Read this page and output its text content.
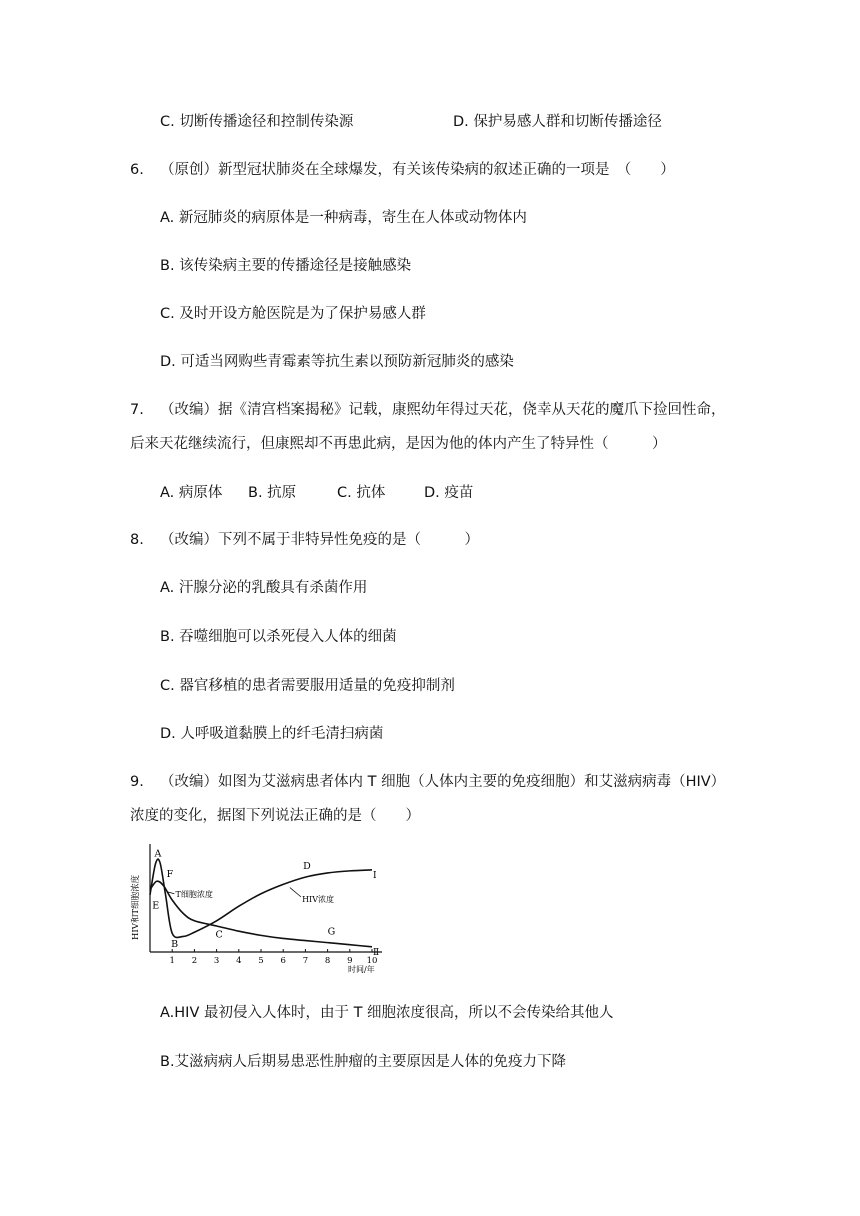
C. 切断传播途径和控制传染源	D. 保护易感人群和切断传播途径
6. （原创）新型冠状肺炎在全球爆发，有关该传染病的叙述正确的一项是　（　　）
A. 新冠肺炎的病原体是一种病毒，寄生在人体或动物体内
B. 该传染病主要的传播途径是接触感染
C. 及时开设方舱医院是为了保护易感人群
D. 可适当网购些青霉素等抗生素以预防新冠肺炎的感染
7. （改编）据《清宫档案揭秘》记载，康熙幼年得过天花，侥幸从天花的魔爪下捡回性命，
后来天花继续流行，但康熙却不再患此病，是因为他的体内产生了特异性（　　　）
A. 病原体 B. 抗原	C. 抗体	D. 疫苗
8. （改编）下列不属于非特异性免疫的是（　　　）
A. 汗腺分泌的乳酸具有杀菌作用
B. 吞噬细胞可以杀死侵入人体的细菌
C. 器官移植的患者需要服用适量的免疫抑制剂
D. 人呼吸道黏膜上的纤毛清扫病菌
9. （改编）如图为艾滋病患者体内 T 细胞（人体内主要的免疫细胞）和艾滋病病毒（HIV）
浓度的变化，据图下列说法正确的是（　　）
HIV和T细胞浓度
时间/年
1 2 3 4 5 6 7 8 9 10
Ⅰ
Ⅱ
T细胞浓度
HIV浓度
A
B
C
D
E
F
G
A.HIV 最初侵入人体时，由于 T 细胞浓度很高，所以不会传染给其他人
B.艾滋病病人后期易患恶性肿瘤的主要原因是人体的免疫力下降
